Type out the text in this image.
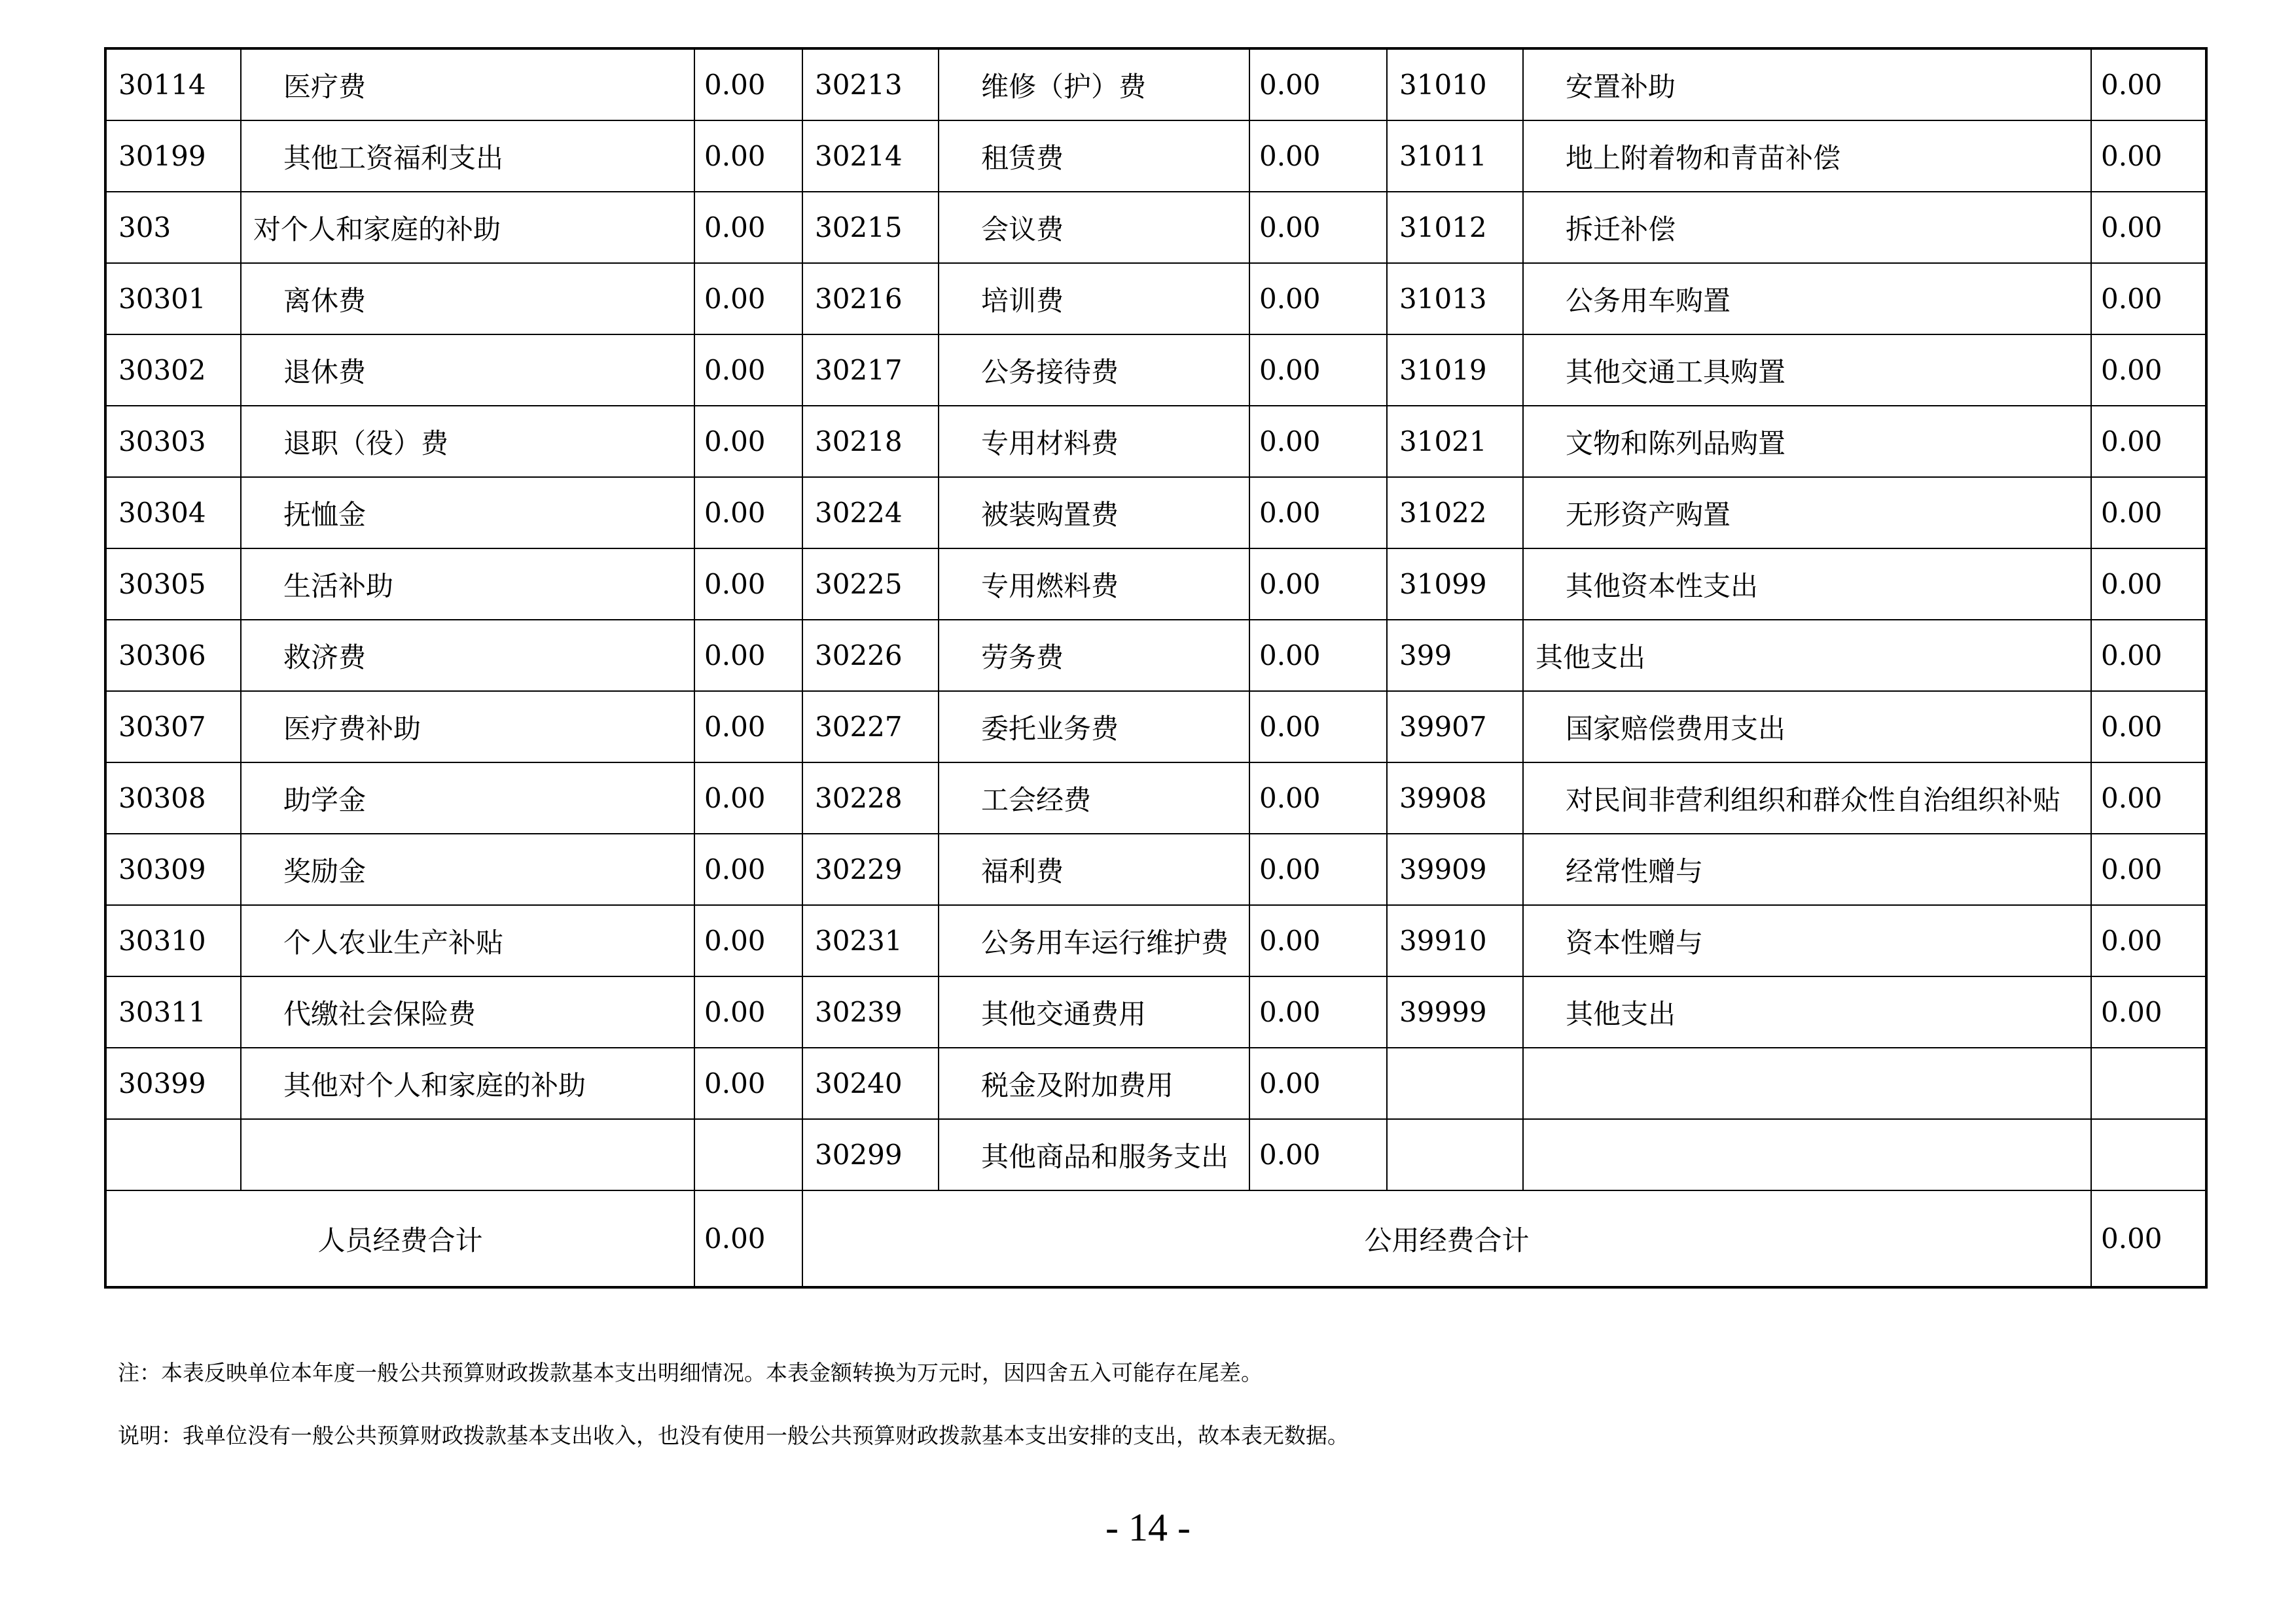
30114	医疗费	0.00	30213	维修（护）费	0.00	31010	安置补助	0.00
30199	其他工资福利支出	0.00	30214	租赁费	0.00	31011	地上附着物和青苗补偿	0.00
303	对个人和家庭的补助	0.00	30215	会议费	0.00	31012	拆迁补偿	0.00
30301	离休费	0.00	30216	培训费	0.00	31013	公务用车购置	0.00
30302	退休费	0.00	30217	公务接待费	0.00	31019	其他交通工具购置	0.00
30303	退职（役）费	0.00	30218	专用材料费	0.00	31021	文物和陈列品购置	0.00
30304	抚恤金	0.00	30224	被装购置费	0.00	31022	无形资产购置	0.00
30305	生活补助	0.00	30225	专用燃料费	0.00	31099	其他资本性支出	0.00
30306	救济费	0.00	30226	劳务费	0.00	399	其他支出	0.00
30307	医疗费补助	0.00	30227	委托业务费	0.00	39907	国家赔偿费用支出	0.00
30308	助学金	0.00	30228	工会经费	0.00	39908	对民间非营利组织和群众性自治组织补贴	0.00
30309	奖励金	0.00	30229	福利费	0.00	39909	经常性赠与	0.00
30310	个人农业生产补贴	0.00	30231	公务用车运行维护费	0.00	39910	资本性赠与	0.00
30311	代缴社会保险费	0.00	30239	其他交通费用	0.00	39999	其他支出	0.00
30399	其他对个人和家庭的补助	0.00	30240	税金及附加费用	0.00			
			30299	其他商品和服务支出	0.00			
人员经费合计		0.00	公用经费合计					0.00
注：本表反映单位本年度一般公共预算财政拨款基本支出明细情况。本表金额转换为万元时，因四舍五入可能存在尾差。
说明：我单位没有一般公共预算财政拨款基本支出收入，也没有使用一般公共预算财政拨款基本支出安排的支出，故本表无数据。
- 14 -
